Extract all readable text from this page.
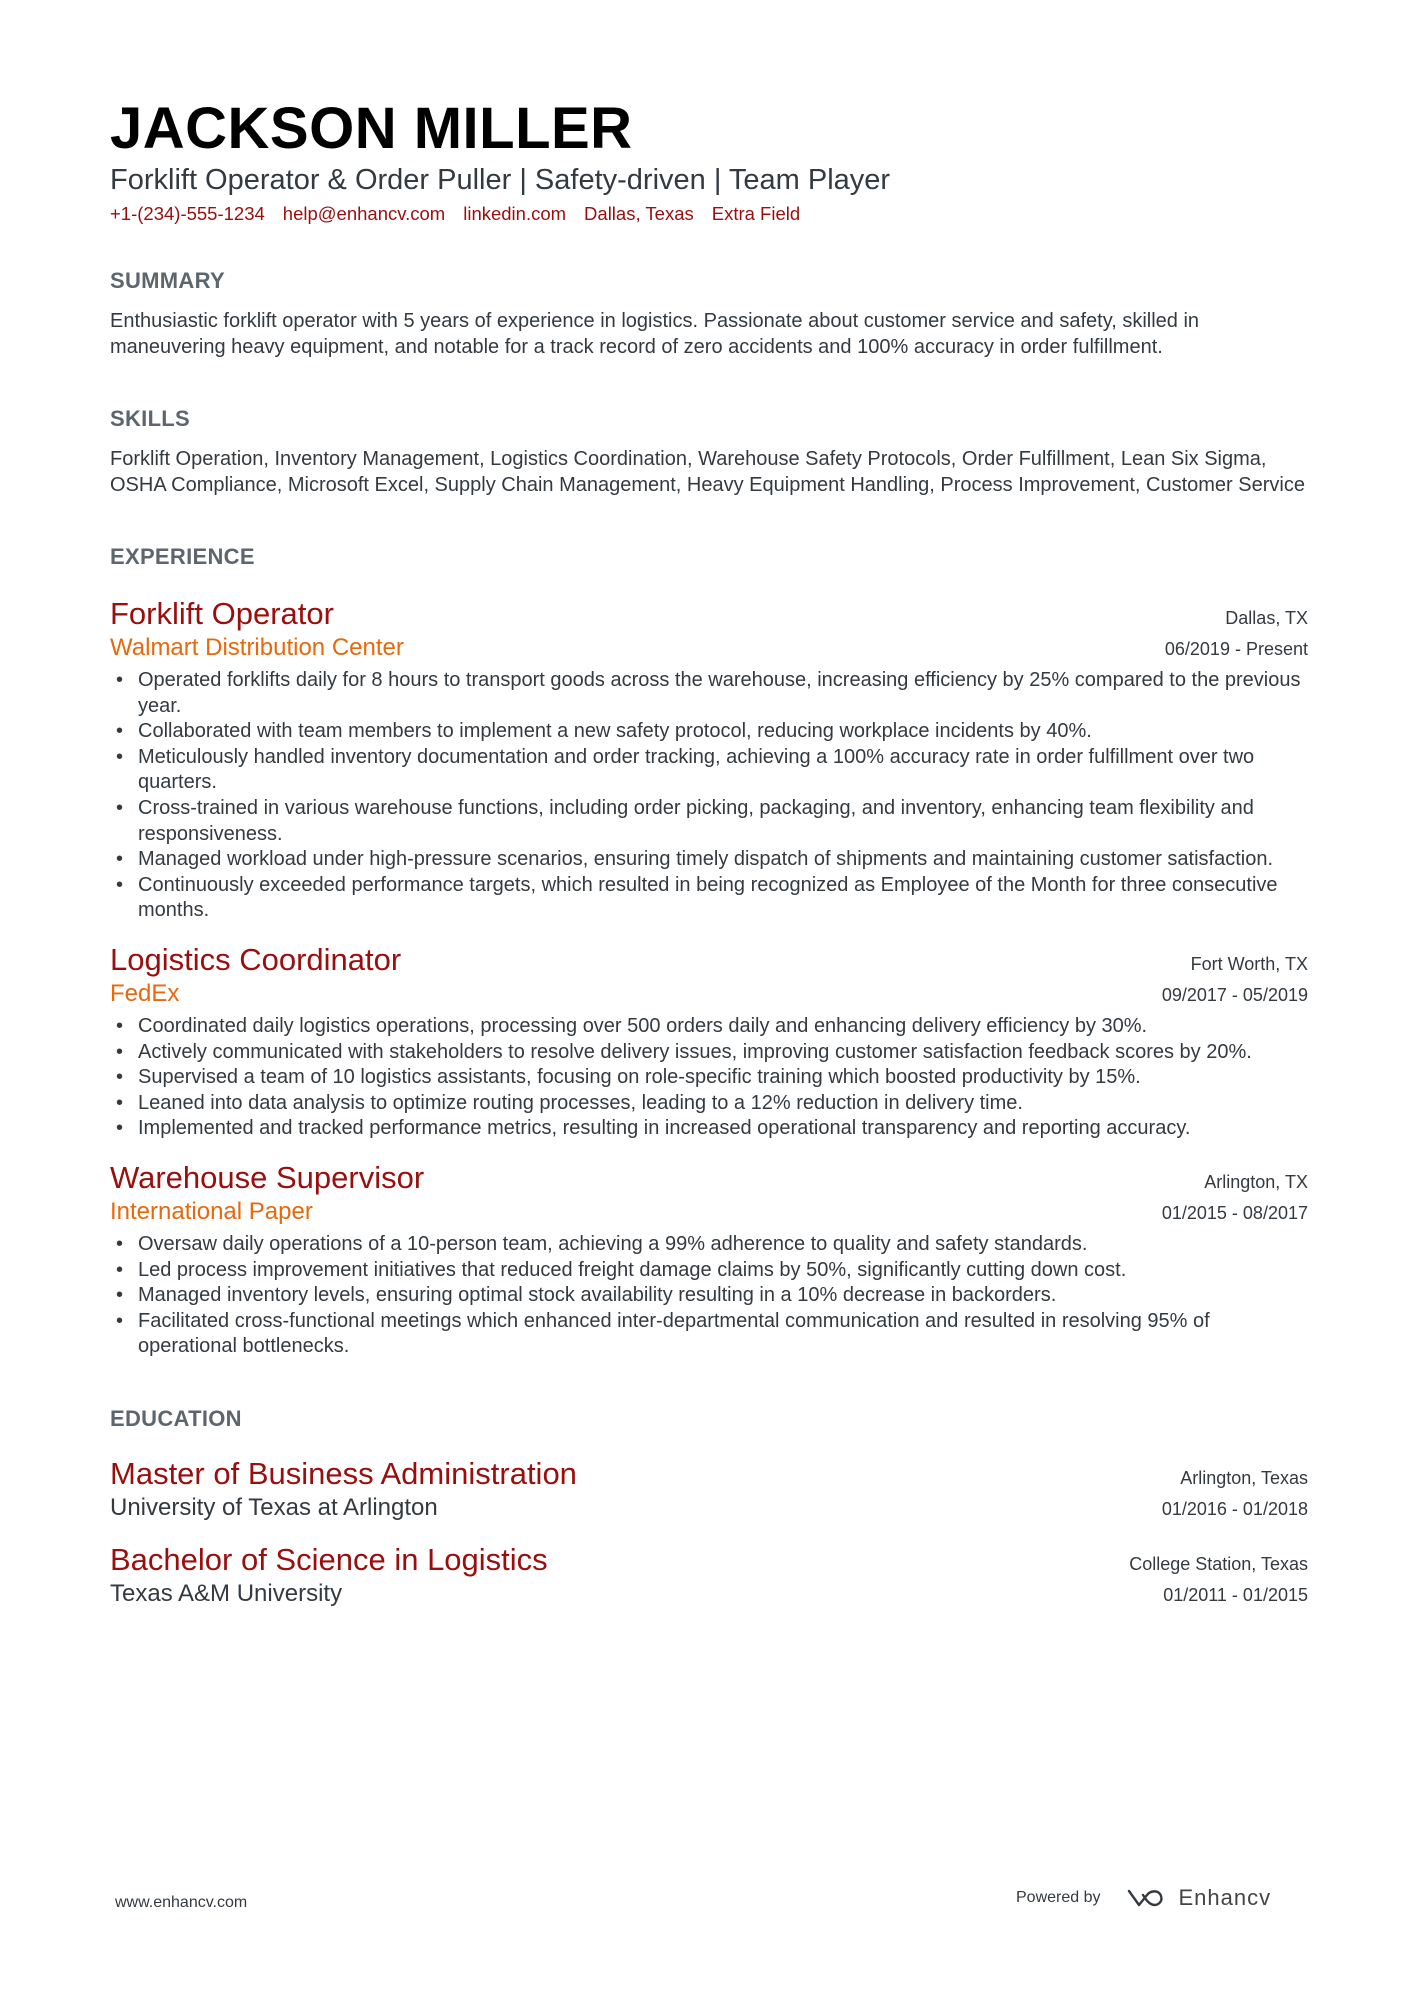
JACKSON MILLER
Forklift Operator & Order Puller | Safety-driven | Team Player
+1-(234)-555-1234 help@enhancv.com linkedin.com Dallas, Texas Extra Field
SUMMARY

Enthusiastic forklift operator with 5 years of experience in logistics. Passionate about customer service and safety, skilled in maneuvering heavy equipment, and notable for a track record of zero accidents and 100% accuracy in order fulfillment.

SKILLS

Forklift Operation, Inventory Management, Logistics Coordination, Warehouse Safety Protocols, Order Fulfillment, Lean Six Sigma, OSHA Compliance, Microsoft Excel, Supply Chain Management, Heavy Equipment Handling, Process Improvement, Customer Service

EXPERIENCE
Forklift Operator	Dallas, TX
Walmart Distribution Center	06/2019 - Present
• Operated forklifts daily for 8 hours to transport goods across the warehouse, increasing efficiency by 25% compared to the previous year.
• Collaborated with team members to implement a new safety protocol, reducing workplace incidents by 40%.
• Meticulously handled inventory documentation and order tracking, achieving a 100% accuracy rate in order fulfillment over two quarters.
• Cross-trained in various warehouse functions, including order picking, packaging, and inventory, enhancing team flexibility and responsiveness.
• Managed workload under high-pressure scenarios, ensuring timely dispatch of shipments and maintaining customer satisfaction.
• Continuously exceeded performance targets, which resulted in being recognized as Employee of the Month for three consecutive months.
Logistics Coordinator	Fort Worth, TX
FedEx	09/2017 - 05/2019
• Coordinated daily logistics operations, processing over 500 orders daily and enhancing delivery efficiency by 30%.
• Actively communicated with stakeholders to resolve delivery issues, improving customer satisfaction feedback scores by 20%.
• Supervised a team of 10 logistics assistants, focusing on role-specific training which boosted productivity by 15%.
• Leaned into data analysis to optimize routing processes, leading to a 12% reduction in delivery time.
• Implemented and tracked performance metrics, resulting in increased operational transparency and reporting accuracy.
Warehouse Supervisor	Arlington, TX
International Paper	01/2015 - 08/2017
• Oversaw daily operations of a 10-person team, achieving a 99% adherence to quality and safety standards.
• Led process improvement initiatives that reduced freight damage claims by 50%, significantly cutting down cost.
• Managed inventory levels, ensuring optimal stock availability resulting in a 10% decrease in backorders.
• Facilitated cross-functional meetings which enhanced inter-departmental communication and resulted in resolving 95% of operational bottlenecks.
EDUCATION
Master of Business Administration	Arlington, Texas
University of Texas at Arlington	01/2016 - 01/2018
Bachelor of Science in Logistics	College Station, Texas
Texas A&M University	01/2011 - 01/2015
www.enhancv.com	Powered by	Enhancv
